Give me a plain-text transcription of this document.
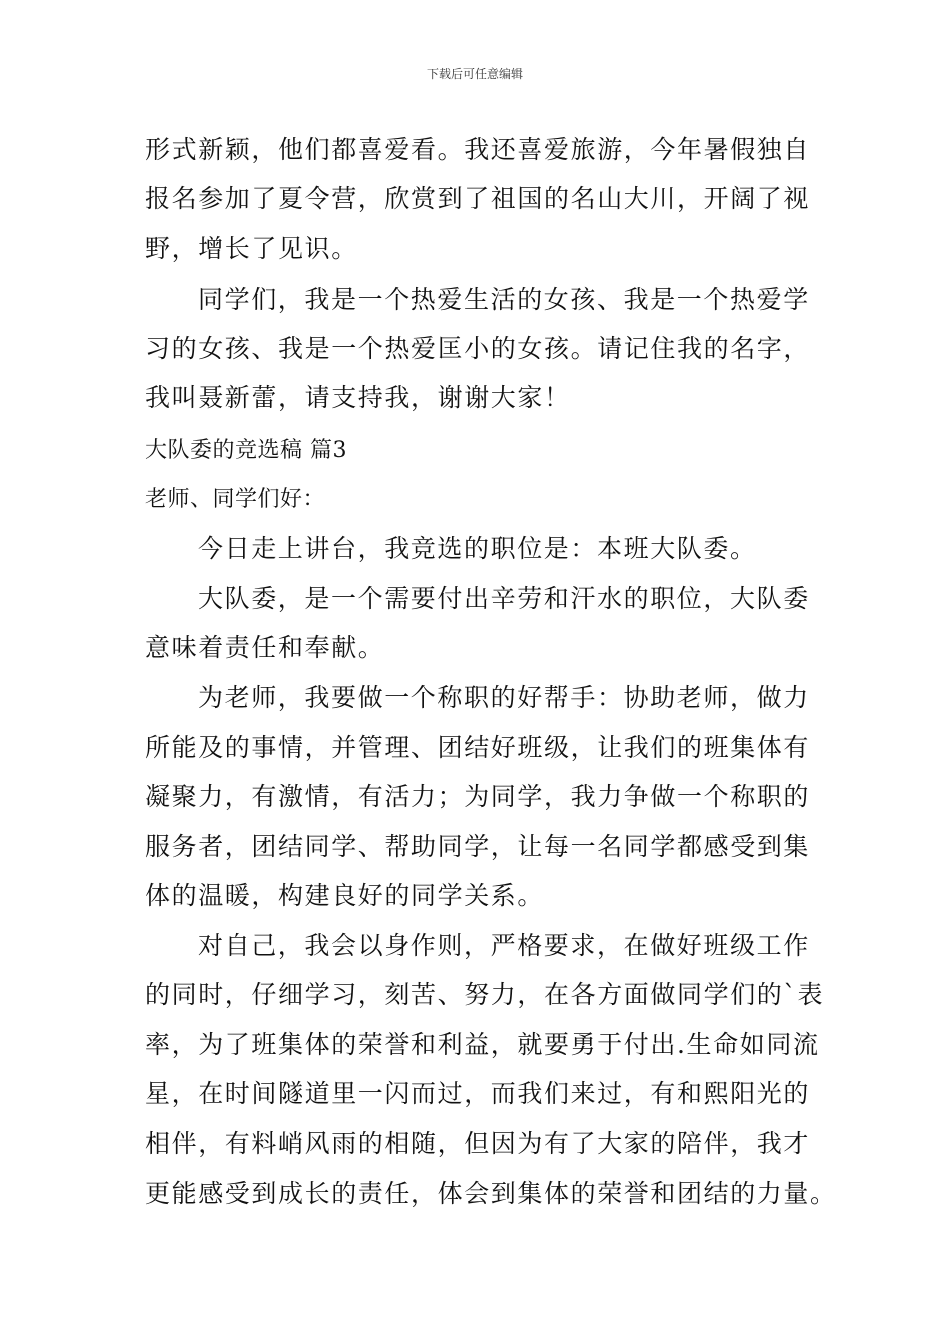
下载后可任意编辑
形式新颖，他们都喜爱看。我还喜爱旅游，今年暑假独自
报名参加了夏令营，欣赏到了祖国的名山大川，开阔了视
野，增长了见识。
同学们，我是一个热爱生活的女孩、我是一个热爱学
习的女孩、我是一个热爱匡小的女孩。请记住我的名字，
我叫聂新蕾，请支持我，谢谢大家！
大队委的竞选稿 篇3
老师、同学们好：
今日走上讲台，我竞选的职位是：本班大队委。
大队委，是一个需要付出辛劳和汗水的职位，大队委
意味着责任和奉献。
为老师，我要做一个称职的好帮手：协助老师，做力
所能及的事情，并管理、团结好班级，让我们的班集体有
凝聚力，有激情，有活力；为同学，我力争做一个称职的
服务者，团结同学、帮助同学，让每一名同学都感受到集
体的温暖，构建良好的同学关系。
对自己，我会以身作则，严格要求，在做好班级工作
的同时，仔细学习，刻苦、努力，在各方面做同学们的`表
率，为了班集体的荣誉和利益，就要勇于付出.生命如同流
星，在时间隧道里一闪而过，而我们来过，有和熙阳光的
相伴，有料峭风雨的相随，但因为有了大家的陪伴，我才
更能感受到成长的责任，体会到集体的荣誉和团结的力量。
